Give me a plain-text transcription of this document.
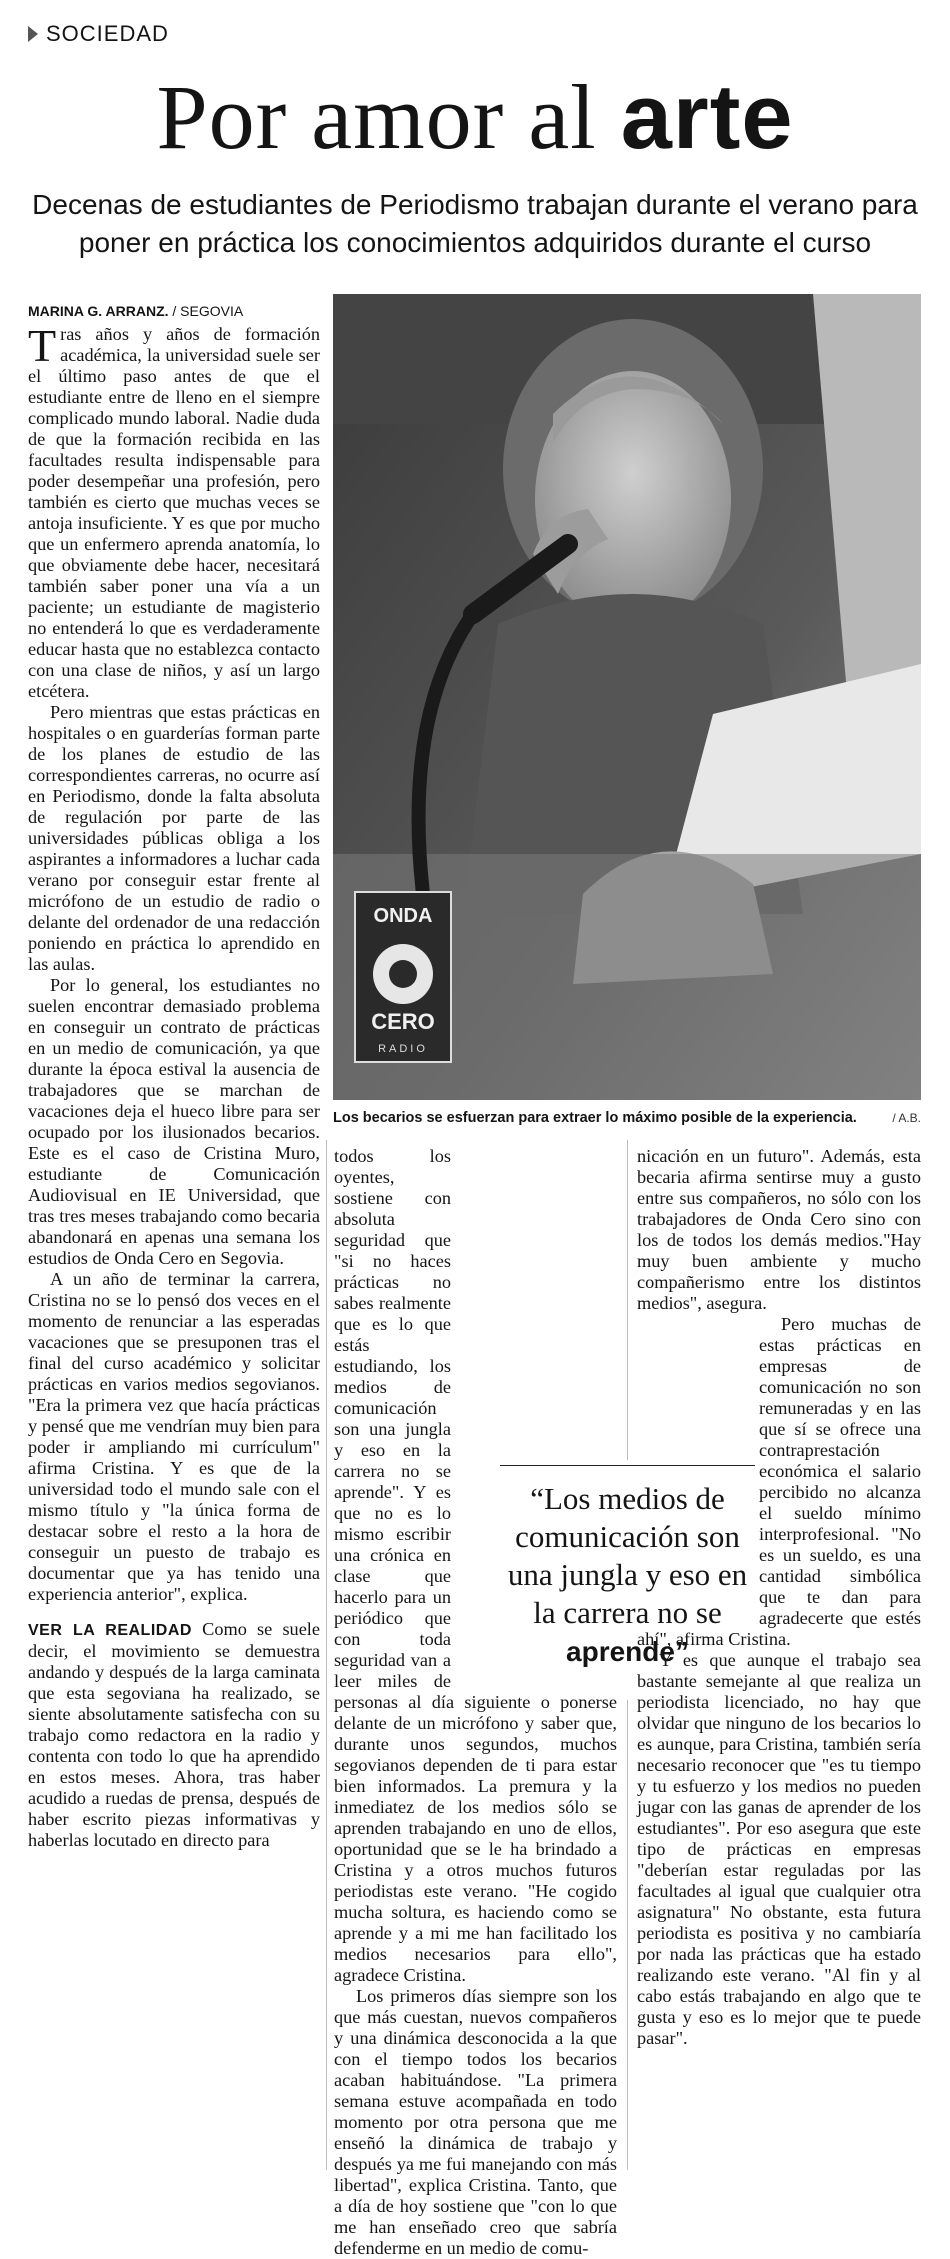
SOCIEDAD
Por amor al arte
Decenas de estudiantes de Periodismo trabajan durante el verano para poner en práctica los conocimientos adquiridos durante el curso
MARINA G. ARRANZ. / SEGOVIA

Tras años y años de formación académica, la universidad suele ser el último paso antes de que el estudiante entre de lleno en el siempre complicado mundo laboral. Nadie duda de que la formación recibida en las facultades resulta indispensable para poder desempeñar una profesión, pero también es cierto que muchas veces se antoja insuficiente. Y es que por mucho que un enfermero aprenda anatomía, lo que obviamente debe hacer, necesitará también saber poner una vía a un paciente; un estudiante de magisterio no entenderá lo que es verdaderamente educar hasta que no establezca contacto con una clase de niños, y así un largo etcétera.

Pero mientras que estas prácticas en hospitales o en guarderías forman parte de los planes de estudio de las correspondientes carreras, no ocurre así en Periodismo, donde la falta absoluta de regulación por parte de las universidades públicas obliga a los aspirantes a informadores a luchar cada verano por conseguir estar frente al micrófono de un estudio de radio o delante del ordenador de una redacción poniendo en práctica lo aprendido en las aulas.

Por lo general, los estudiantes no suelen encontrar demasiado problema en conseguir un contrato de prácticas en un medio de comunicación, ya que durante la época estival la ausencia de trabajadores que se marchan de vacaciones deja el hueco libre para ser ocupado por los ilusionados becarios. Este es el caso de Cristina Muro, estudiante de Comunicación Audiovisual en IE Universidad, que tras tres meses trabajando como becaria abandonará en apenas una semana los estudios de Onda Cero en Segovia.

A un año de terminar la carrera, Cristina no se lo pensó dos veces en el momento de renunciar a las esperadas vacaciones que se presuponen tras el final del curso académico y solicitar prácticas en varios medios segovianos. "Era la primera vez que hacía prácticas y pensé que me vendrían muy bien para poder ir ampliando mi currículum" afirma Cristina. Y es que de la universidad todo el mundo sale con el mismo título y "la única forma de destacar sobre el resto a la hora de conseguir un puesto de trabajo es documentar que ya has tenido una experiencia anterior", explica.

VER LA REALIDAD Como se suele decir, el movimiento se demuestra andando y después de la larga caminata que esta segoviana ha realizado, se siente absolutamente satisfecha con su trabajo como redactora en la radio y contenta con todo lo que ha aprendido en estos meses. Ahora, tras haber acudido a ruedas de prensa, después de haber escrito piezas informativas y haberlas locutado en directo para

ONDA
CERO
RADIO
Los becarios se esfuerzan para extraer lo máximo posible de la experiencia.	/ A.B.

todos los oyentes, sostiene con absoluta seguridad que "si no haces prácticas no sabes realmente que es lo que estás estudiando, los medios de comunicación son una jungla y eso en la carrera no se aprende". Y es que no es lo mismo escribir una crónica en clase que hacerlo para un periódico que con toda seguridad van a leer miles de personas al día siguiente o ponerse delante de un micrófono y saber que, durante unos segundos, muchos segovianos dependen de ti para estar bien informados. La premura y la inmediatez de los medios sólo se aprenden trabajando en uno de ellos, oportunidad que se le ha brindado a Cristina y a otros muchos futuros periodistas este verano. "He cogido mucha soltura, es haciendo como se aprende y a mi me han facilitado los medios necesarios para ello", agradece Cristina.

Los primeros días siempre son los que más cuestan, nuevos compañeros y una dinámica desconocida a la que con el tiempo todos los becarios acaban habituándose. "La primera semana estuve acompañada en todo momento por otra persona que me enseñó la dinámica de trabajo y después ya me fui manejando con más libertad", explica Cristina. Tanto, que a día de hoy sostiene que "con lo que me han enseñado creo que sabría defenderme en un medio de comu-

nicación en un futuro". Además, esta becaria afirma sentirse muy a gusto entre sus compañeros, no sólo con los trabajadores de Onda Cero sino con los de todos los demás medios."Hay muy buen ambiente y mucho compañerismo entre los distintos medios", asegura.

Pero muchas de estas prácticas en empresas de comunicación no son remuneradas y en las que sí se ofrece una contraprestación económica el salario percibido no alcanza el sueldo mínimo interprofesional. "No es un sueldo, es una cantidad simbólica que te dan para agradecerte que estés ahí", afirma Cristina.

Y es que aunque el trabajo sea bastante semejante al que realiza un periodista licenciado, no hay que olvidar que ninguno de los becarios lo es aunque, para Cristina, también sería necesario reconocer que "es tu tiempo y tu esfuerzo y los medios no pueden jugar con las ganas de aprender de los estudiantes". Por eso asegura que este tipo de prácticas en empresas "deberían estar reguladas por las facultades al igual que cualquier otra asignatura" No obstante, esta futura periodista es positiva y no cambiaría por nada las prácticas que ha estado realizando este verano. "Al fin y al cabo estás trabajando en algo que te gusta y eso es lo mejor que te puede pasar".

“Los medios de comunicación son una jungla y eso en la carrera no se aprende”
